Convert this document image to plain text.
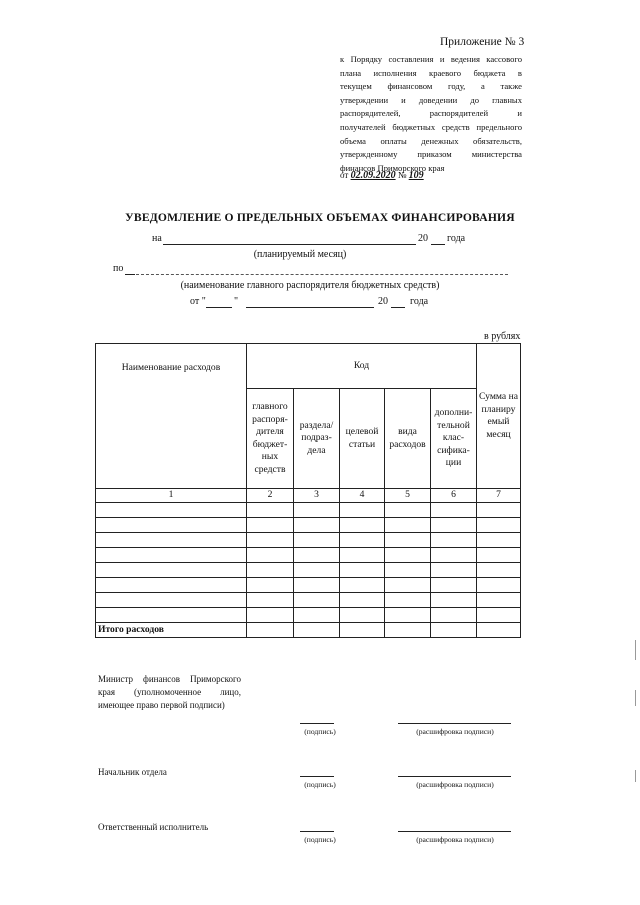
Приложение № 3
к Порядку составления и ведения кассового
плана исполнения краевого бюджета в
текущем финансовом году, а также
утверждении и доведении до главных
распорядителей, распорядителей и
получателей бюджетных средств предельного
объема оплаты денежных обязательств,
утвержденному приказом министерства
финансов Приморского края
от 02.09.2020 № 109
УВЕДОМЛЕНИЕ О ПРЕДЕЛЬНЫХ ОБЪЕМАХ ФИНАНСИРОВАНИЯ
на	20 года
(планируемый месяц)
по
(наименование главного распорядителя бюджетных средств)
от "	"	20 года
в рублях
Наименование расходов	Код					Сумма на планиру емый месяц
	главного распоря- дителя бюджет- ных средств	раздела/ подраз- дела	целевой статьи	вида расходов	дополни- тельной клас- сифика- ции	
1	2	3	4	5	6	7

Итого расходов						
Министр финансов Приморского края (уполномоченное лицо, имеющее право первой подписи)
(подпись)	(расшифровка подписи)
Начальник отдела
(подпись)	(расшифровка подписи)
Ответственный исполнитель
(подпись)	(расшифровка подписи)
